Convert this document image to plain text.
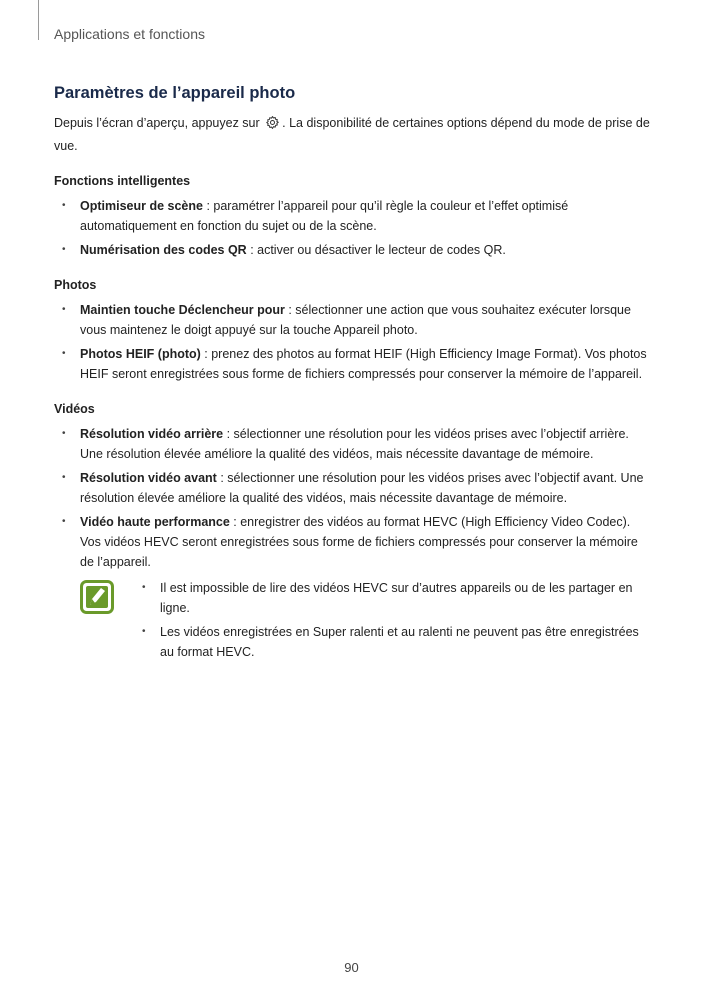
Applications et fonctions
Paramètres de l’appareil photo

Depuis l’écran d’aperçu, appuyez sur . La disponibilité de certaines options dépend du mode de prise de vue.

Fonctions intelligentes
• Optimiseur de scène : paramétrer l’appareil pour qu’il règle la couleur et l’effet optimisé automatiquement en fonction du sujet ou de la scène.
• Numérisation des codes QR : activer ou désactiver le lecteur de codes QR.
Photos
• Maintien touche Déclencheur pour : sélectionner une action que vous souhaitez exécuter lorsque vous maintenez le doigt appuyé sur la touche Appareil photo.
• Photos HEIF (photo) : prenez des photos au format HEIF (High Efficiency Image Format). Vos photos HEIF seront enregistrées sous forme de fichiers compressés pour conserver la mémoire de l’appareil.
Vidéos
• Résolution vidéo arrière : sélectionner une résolution pour les vidéos prises avec l’objectif arrière. Une résolution élevée améliore la qualité des vidéos, mais nécessite davantage de mémoire.
• Résolution vidéo avant : sélectionner une résolution pour les vidéos prises avec l’objectif avant. Une résolution élevée améliore la qualité des vidéos, mais nécessite davantage de mémoire.
• Vidéo haute performance : enregistrer des vidéos au format HEVC (High Efficiency Video Codec). Vos vidéos HEVC seront enregistrées sous forme de fichiers compressés pour conserver la mémoire de l’appareil.
• Il est impossible de lire des vidéos HEVC sur d’autres appareils ou de les partager en ligne.
• Les vidéos enregistrées en Super ralenti et au ralenti ne peuvent pas être enregistrées au format HEVC.
90
